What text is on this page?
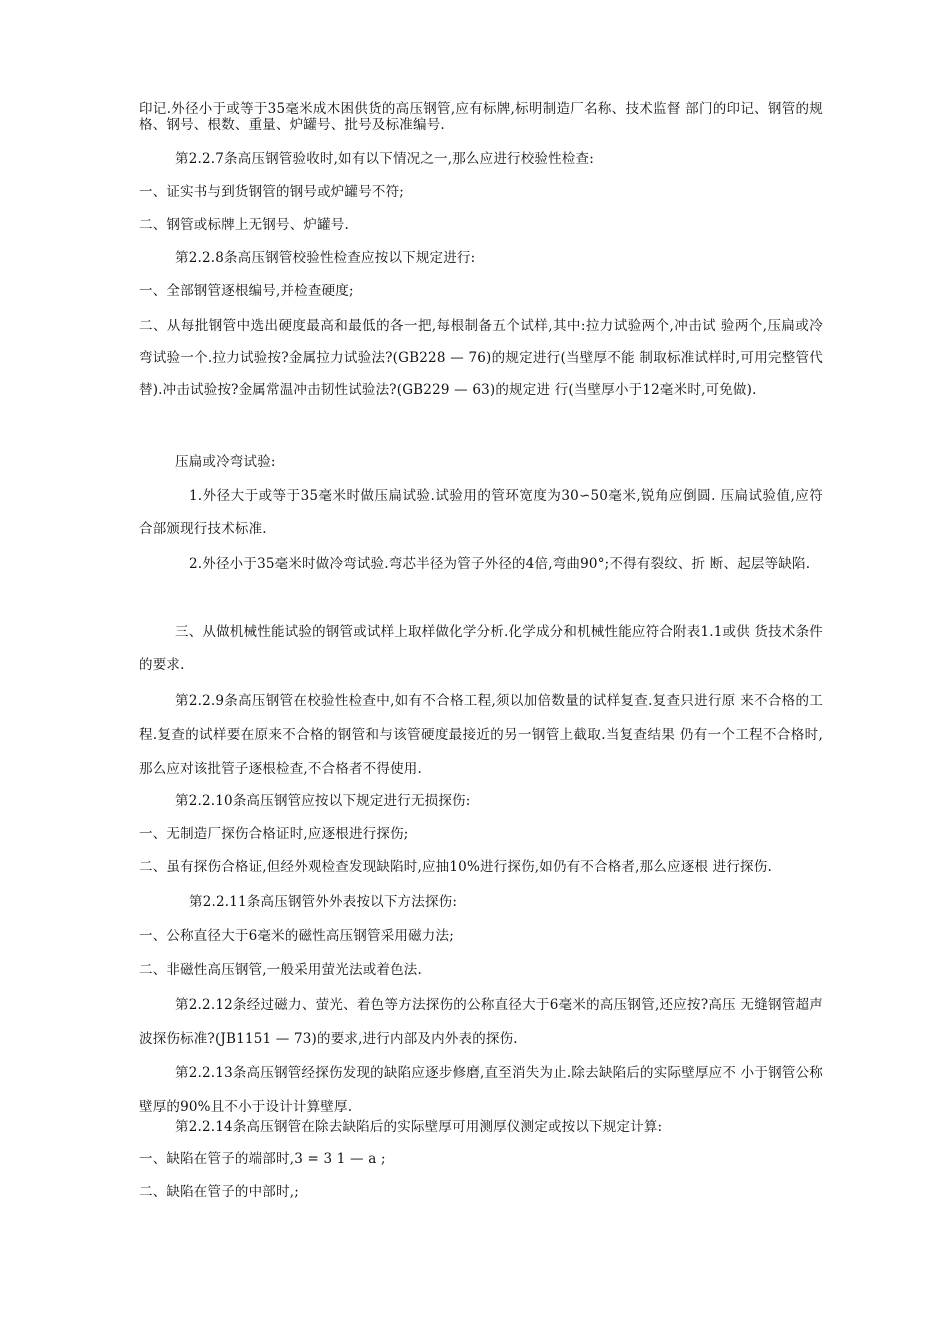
印记.外径小于或等于35毫米成木困供货的高压钢管,应有标牌,标明制造厂名称、技术监督 部门的印记、钢管的规格、钢号、根数、重量、炉罐号、批号及标准编号.
第2.2.7条高压钢管验收时,如有以下情况之一,那么应进行校验性检查:
一、证实书与到货钢管的钢号或炉罐号不符;
二、钢管或标牌上无钢号、炉罐号.
第2.2.8条高压钢管校验性检查应按以下规定进行:
一、全部钢管逐根编号,并检查硬度;
二、从每批钢管中选出硬度最高和最低的各一把,每根制备五个试样,其中:拉力试验两个,冲击试 验两个,压扁或冷弯试验一个.拉力试验按?金属拉力试验法?(GB228 — 76)的规定进行(当壁厚不能 制取标准试样时,可用完整管代替).冲击试验按?金属常温冲击韧性试验法?(GB229 — 63)的规定进 行(当壁厚小于12毫米时,可免做).
压扁或冷弯试验:
1.外径大于或等于35毫米时做压扁试验.试验用的管环宽度为30∽50毫米,锐角应倒圆. 压扁试验值,应符合部颁现行技术标准.
2.外径小于35毫米时做冷弯试验.弯芯半径为管子外径的4倍,弯曲90°;不得有裂纹、折 断、起层等缺陷.
三、从做机械性能试验的钢管或试样上取样做化学分析.化学成分和机械性能应符合附表1.1或供 货技术条件的要求.
第2.2.9条高压钢管在校验性检查中,如有不合格工程,须以加倍数量的试样复查.复查只进行原 来不合格的工程.复查的试样要在原来不合格的钢管和与该管硬度最接近的另一钢管上截取.当复查结果 仍有一个工程不合格时,那么应对该批管子逐根检查,不合格者不得使用.
第2.2.10条高压钢管应按以下规定进行无损探伤:
一、无制造厂探伤合格证时,应逐根进行探伤;
二、虽有探伤合格证,但经外观检查发现缺陷时,应抽10%进行探伤,如仍有不合格者,那么应逐根 进行探伤.
第2.2.11条高压钢管外外表按以下方法探伤:
一、公称直径大于6毫米的磁性高压钢管采用磁力法;
二、非磁性高压钢管,一般采用萤光法或着色法.
第2.2.12条经过磁力、萤光、着色等方法探伤的公称直径大于6毫米的高压钢管,还应按?高压 无缝钢管超声波探伤标准?(JB1151 — 73)的要求,进行内部及内外表的探伤.
第2.2.13条高压钢管经探伤发现的缺陷应逐步修磨,直至消失为止.除去缺陷后的实际壁厚应不 小于钢管公称壁厚的90%且不小于设计计算壁厚.
第2.2.14条高压钢管在除去缺陷后的实际壁厚可用测厚仪测定或按以下规定计算:
一、缺陷在管子的端部时,3 = 3 1 — a ;
二、缺陷在管子的中部时,;
